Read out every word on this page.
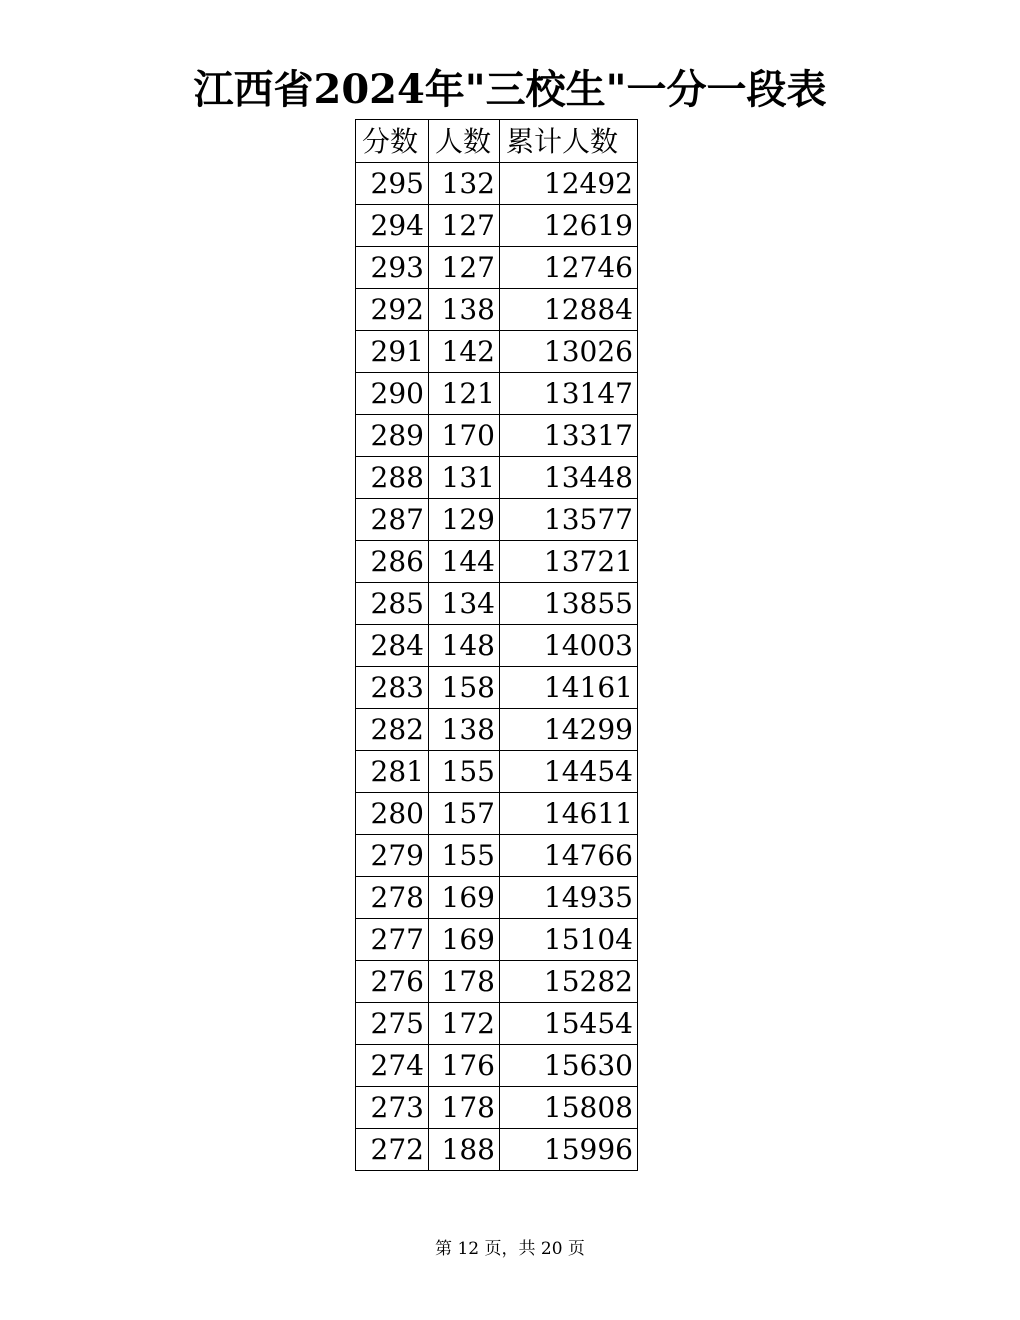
江西省2024年"三校生"一分一段表
分数	人数	累计人数
295	132	12492
294	127	12619
293	127	12746
292	138	12884
291	142	13026
290	121	13147
289	170	13317
288	131	13448
287	129	13577
286	144	13721
285	134	13855
284	148	14003
283	158	14161
282	138	14299
281	155	14454
280	157	14611
279	155	14766
278	169	14935
277	169	15104
276	178	15282
275	172	15454
274	176	15630
273	178	15808
272	188	15996
第 12 页，共 20 页
